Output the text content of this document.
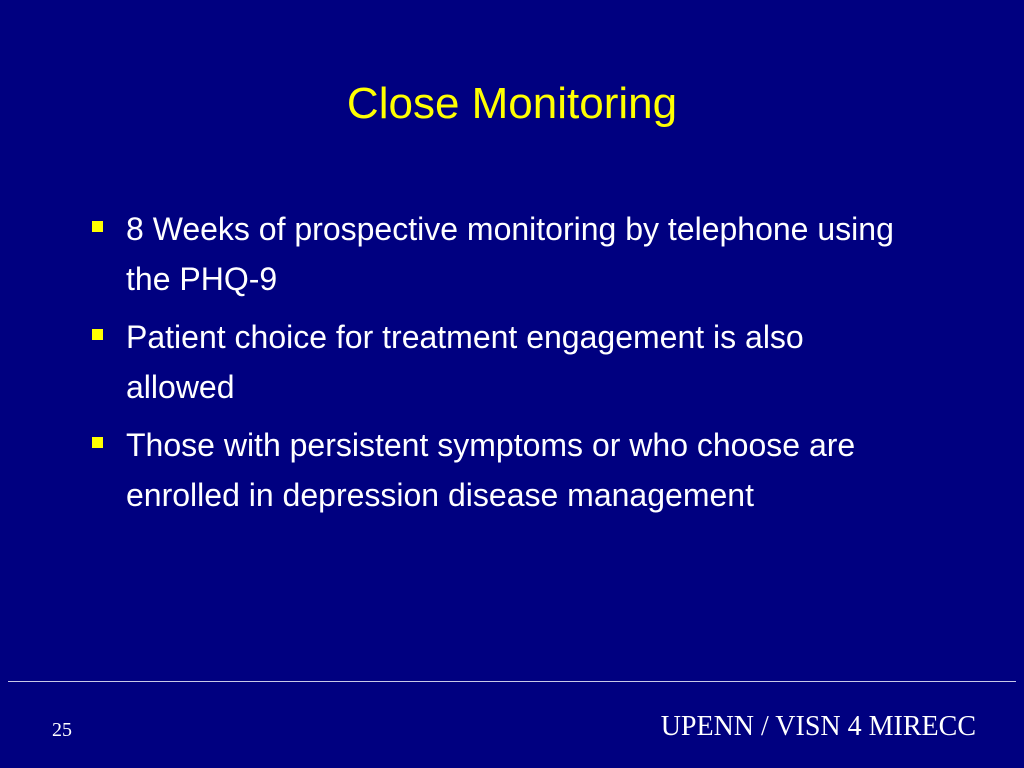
Close Monitoring
8 Weeks of prospective monitoring by telephone using the PHQ-9
Patient choice for treatment engagement is also allowed
Those with persistent symptoms or who choose are enrolled in depression disease management
25	UPENN / VISN 4 MIRECC
